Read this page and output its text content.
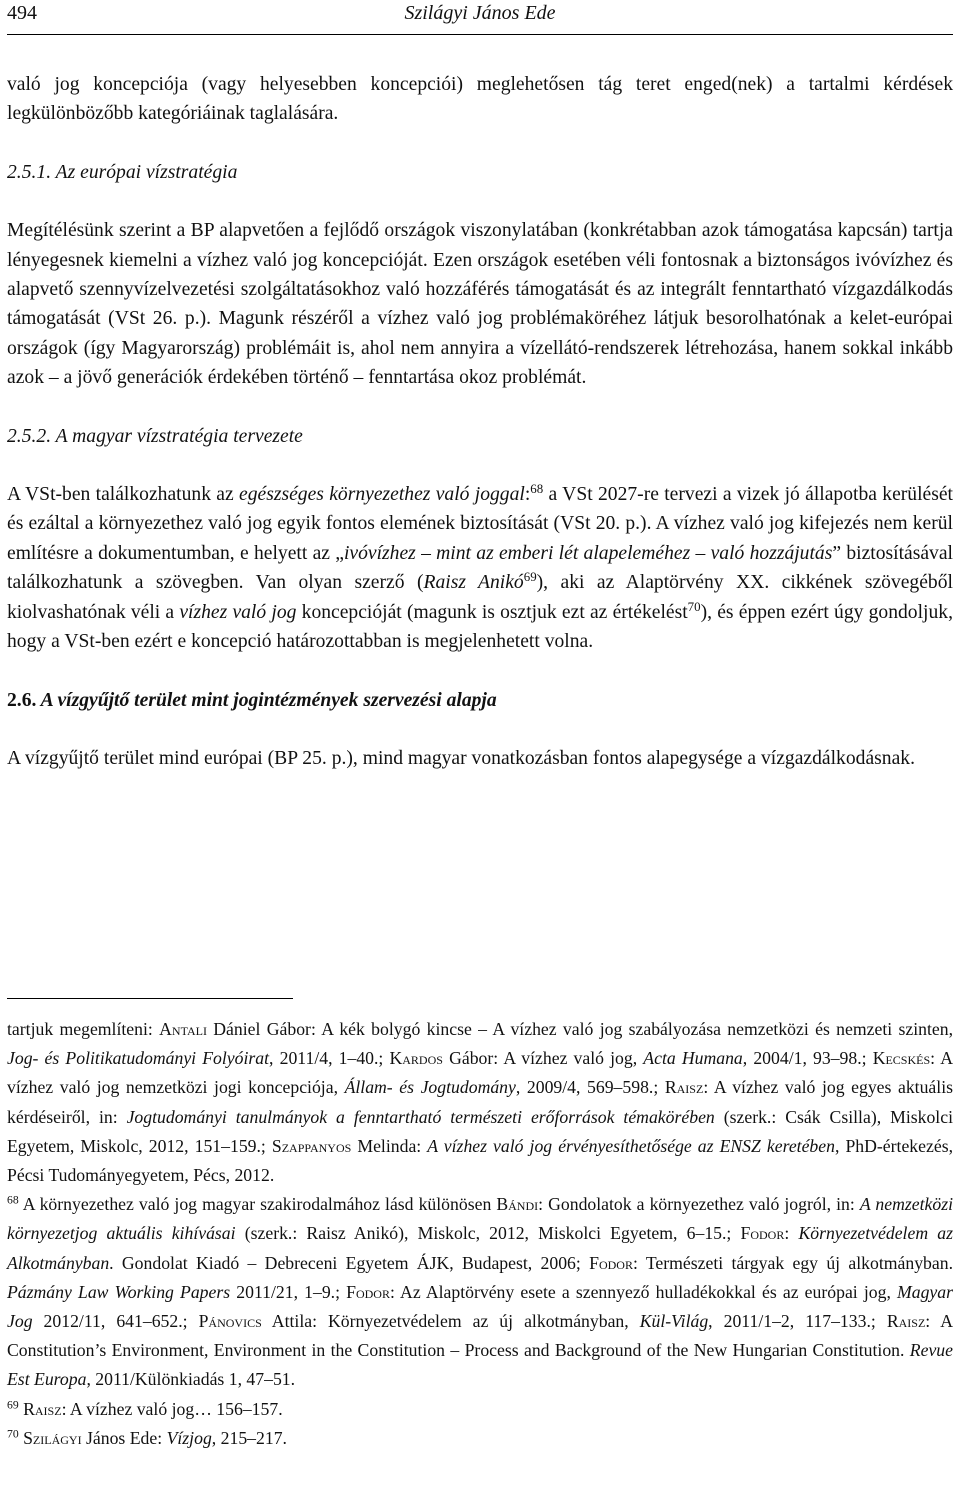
494	Szilágyi János Ede

való jog koncepciója (vagy helyesebben koncepciói) meglehetősen tág teret enged(nek) a tartalmi kérdések legkülönbözőbb kategóriáinak taglalására.

2.5.1. Az európai vízstratégia

Megítélésünk szerint a BP alapvetően a fejlődő országok viszonylatában (konkrétabban azok támogatása kapcsán) tartja lényegesnek kiemelni a vízhez való jog koncepcióját. Ezen országok esetében véli fontosnak a biztonságos ivóvízhez és alapvető szennyvízelvezetési szolgáltatásokhoz való hozzáférés támogatását és az integrált fenntartható vízgazdálkodás támogatását (VSt 26. p.). Magunk részéről a vízhez való jog problémaköréhez látjuk besorolhatónak a kelet-európai országok (így Magyarország) problémáit is, ahol nem annyira a vízellátó-rendszerek létrehozása, hanem sokkal inkább azok – a jövő generációk érdekében történő – fenntartása okoz problémát.

2.5.2. A magyar vízstratégia tervezete

A VSt-ben találkozhatunk az egészséges környezethez való joggal:$^{68}$ a VSt 2027-re tervezi a vizek jó állapotba kerülését és ezáltal a környezethez való jog egyik fontos elemének biztosítását (VSt 20. p.). A vízhez való jog kifejezés nem kerül említésre a dokumentumban, e helyett az „ivóvízhez – mint az emberi lét alapeleméhez – való hozzájutás” biztosításával találkozhatunk a szövegben. Van olyan szerző (Raisz Anikó$^{69}$), aki az Alaptörvény XX. cikkének szövegéből kiolvashatónak véli a vízhez való jog koncepcióját (magunk is osztjuk ezt az értékelést$^{70}$), és éppen ezért úgy gondoljuk, hogy a VSt-ben ezért e koncepció határozottabban is megjelenhetett volna.

2.6. A vízgyűjtő terület mint jogintézmények szervezési alapja

A vízgyűjtő terület mind európai (BP 25. p.), mind magyar vonatkozásban fontos alapegysége a vízgazdálkodásnak.

tartjuk megemlíteni: Antali Dániel Gábor: A kék bolygó kincse – A vízhez való jog szabályozása nemzetközi és nemzeti szinten, Jog- és Politikatudományi Folyóirat, 2011/4, 1–40.; Kardos Gábor: A vízhez való jog, Acta Humana, 2004/1, 93–98.; Kecskés: A vízhez való jog nemzetközi jogi koncepciója, Állam- és Jogtudomány, 2009/4, 569–598.; Raisz: A vízhez való jog egyes aktuális kérdéseiről, in: Jogtudományi tanulmányok a fenntartható természeti erőforrások témakörében (szerk.: Csák Csilla), Miskolci Egyetem, Miskolc, 2012, 151–159.; Szappanyos Melinda: A vízhez való jog érvényesíthetősége az ENSZ keretében, PhD-értekezés, Pécsi Tudományegyetem, Pécs, 2012.

$^{68}$ A környezethez való jog magyar szakirodalmához lásd különösen Bándi: Gondolatok a környezethez való jogról, in: A nemzetközi környezetjog aktuális kihívásai (szerk.: Raisz Anikó), Miskolc, 2012, Miskolci Egyetem, 6–15.; Fodor: Környezetvédelem az Alkotmányban. Gondolat Kiadó – Debreceni Egyetem ÁJK, Budapest, 2006; Fodor: Természeti tárgyak egy új alkotmányban. Pázmány Law Working Papers 2011/21, 1–9.; Fodor: Az Alaptörvény esete a szennyező hulladékokkal és az európai jog, Magyar Jog 2012/11, 641–652.; Pánovics Attila: Környezetvédelem az új alkotmányban, Kül-Világ, 2011/1–2, 117–133.; Raisz: A Constitution’s Environment, Environment in the Constitution – Process and Background of the New Hungarian Constitution. Revue Est Europa, 2011/Különkiadás 1, 47–51.

$^{69}$ Raisz: A vízhez való jog… 156–157.

$^{70}$ Szilágyi János Ede: Vízjog, 215–217.
